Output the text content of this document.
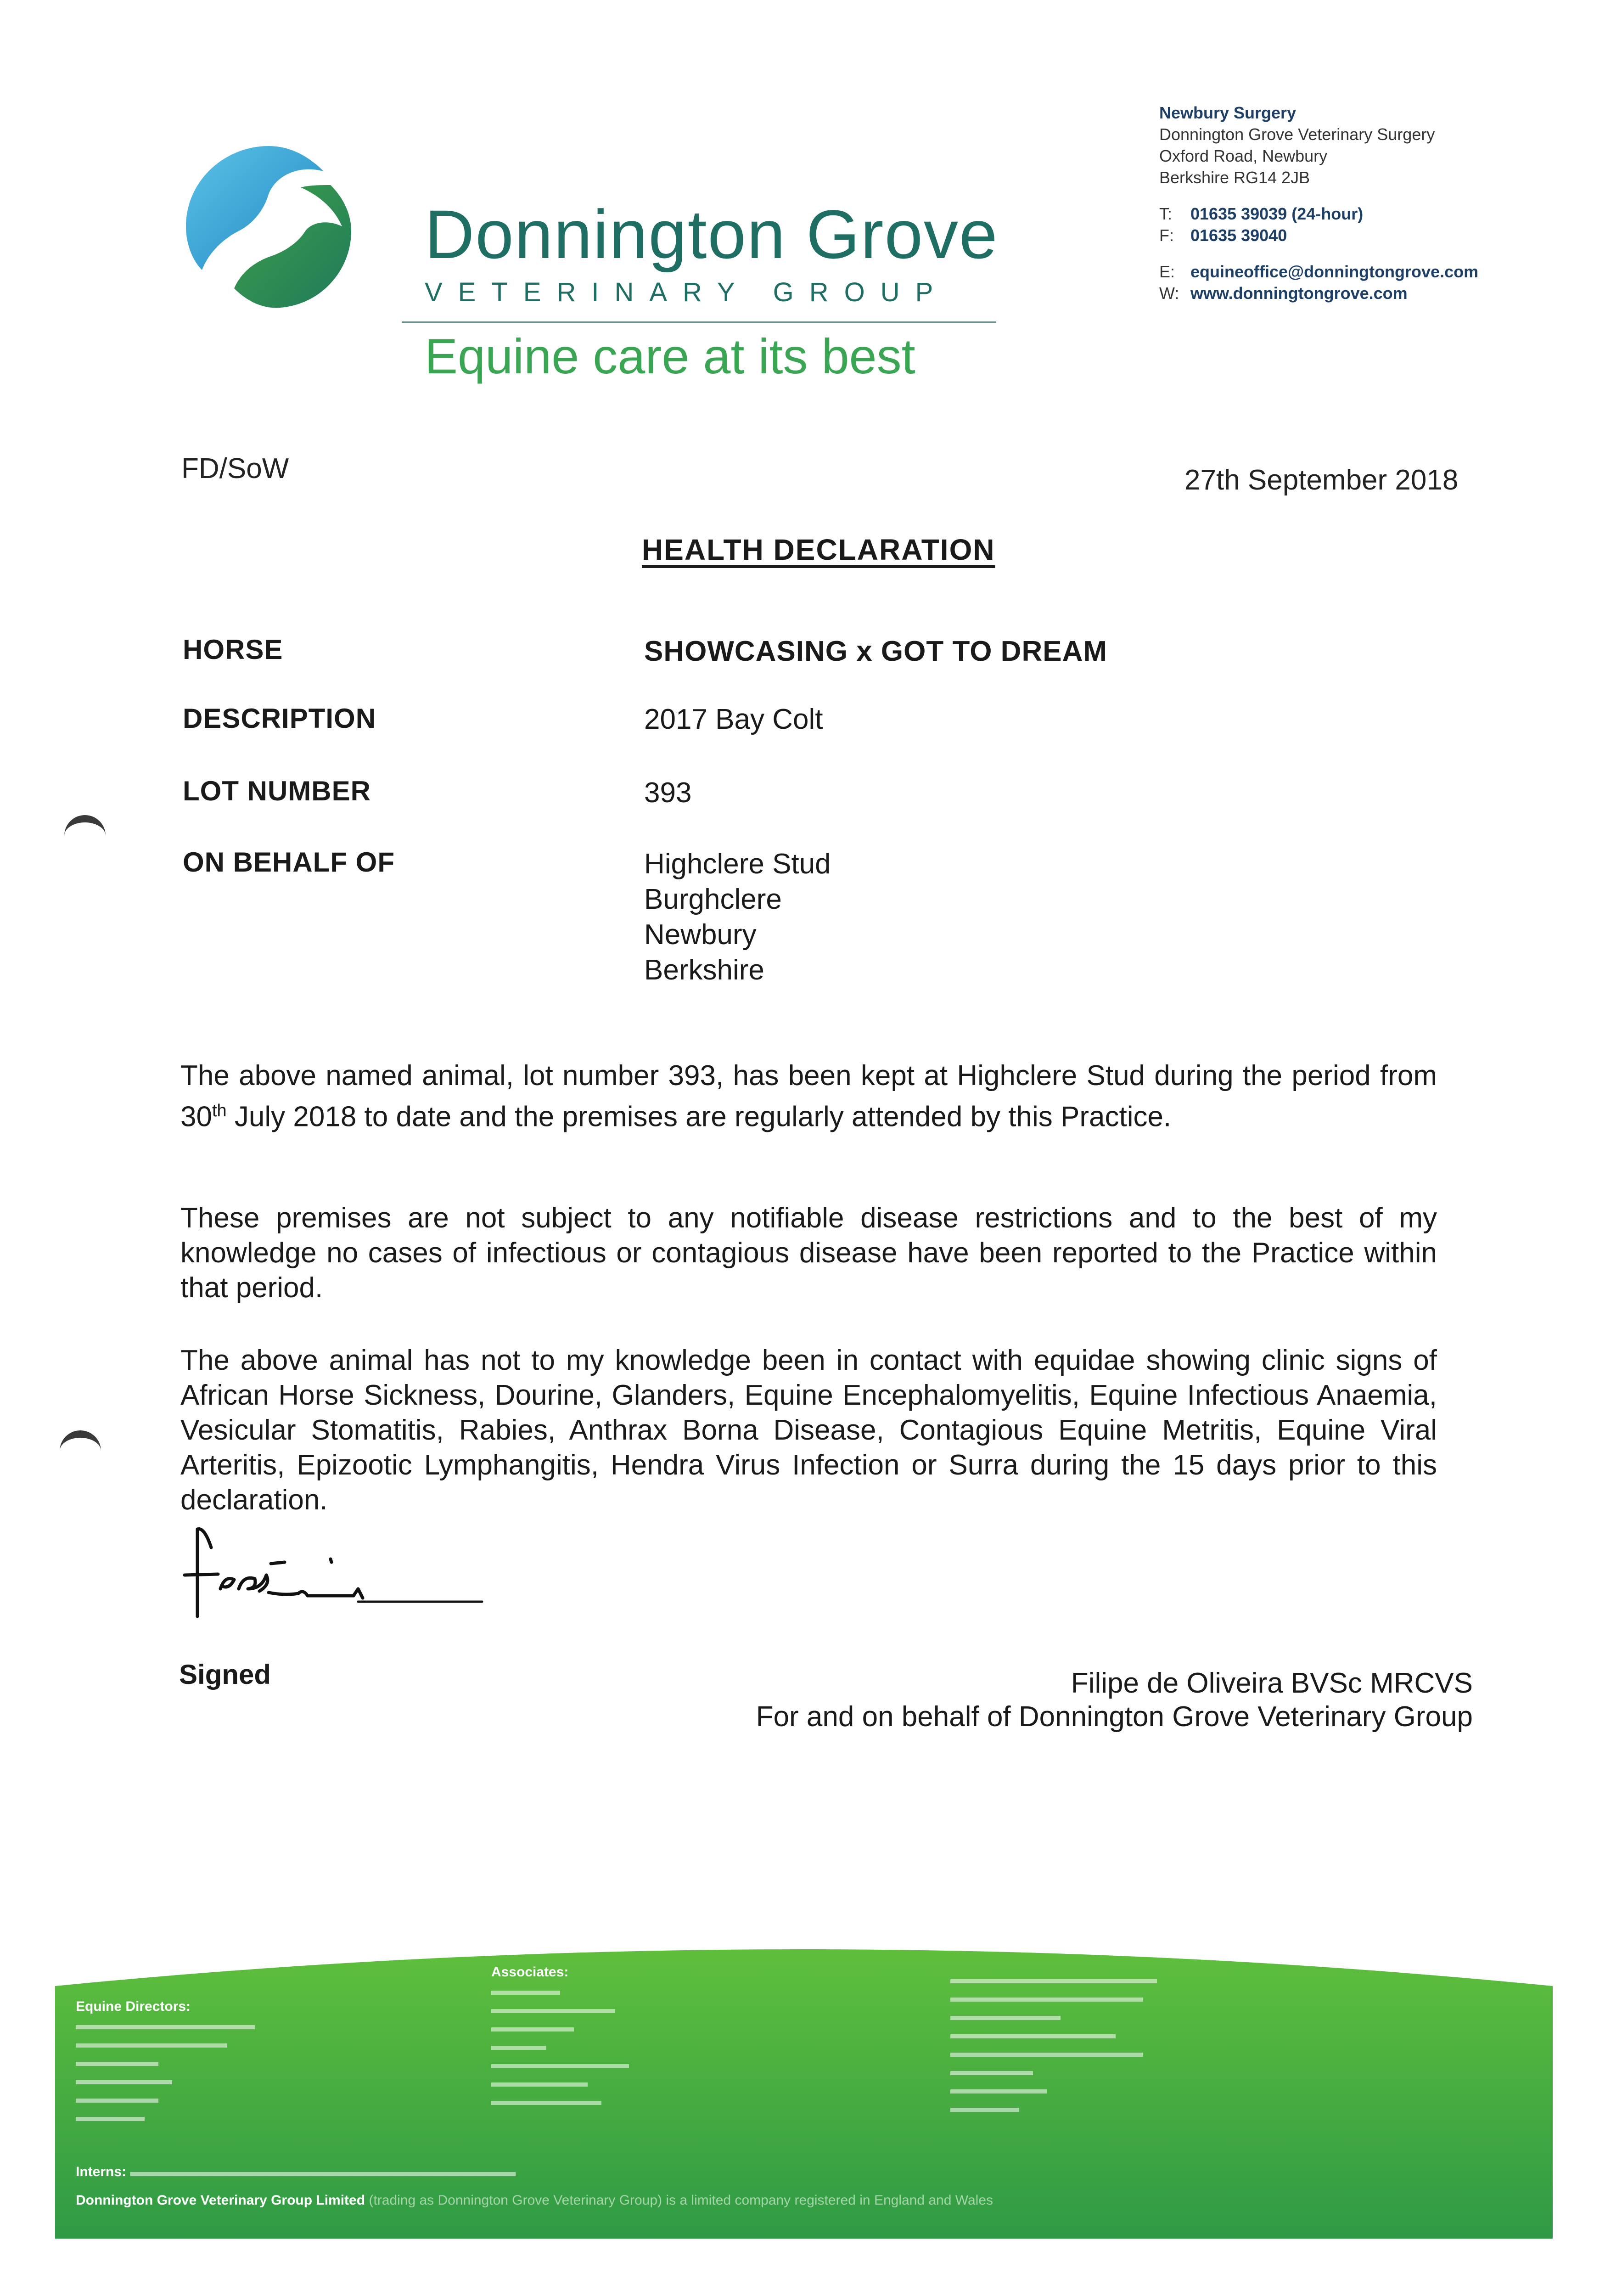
Donnington Grove
VETERINARY GROUP
Equine care at its best
Newbury Surgery
Donnington Grove Veterinary Surgery
Oxford Road, Newbury
Berkshire RG14 2JB
T: 01635 39039 (24-hour)
F: 01635 39040
E: equineoffice@donningtongrove.com
W: www.donningtongrove.com
FD/SoW	27th September 2018
HEALTH DECLARATION
HORSE	SHOWCASING x GOT TO DREAM
DESCRIPTION	2017 Bay Colt
LOT NUMBER	393
ON BEHALF OF	Highclere Stud
Burghclere
Newbury
Berkshire
The above named animal, lot number 393, has been kept at Highclere Stud during the period from 30th July 2018 to date and the premises are regularly attended by this Practice.
These premises are not subject to any notifiable disease restrictions and to the best of my knowledge no cases of infectious or contagious disease have been reported to the Practice within that period.
The above animal has not to my knowledge been in contact with equidae showing clinic signs of African Horse Sickness, Dourine, Glanders, Equine Encephalomyelitis, Equine Infectious Anaemia, Vesicular Stomatitis, Rabies, Anthrax Borna Disease, Contagious Equine Metritis, Equine Viral Arteritis, Epizootic Lymphangitis, Hendra Virus Infection or Surra during the 15 days prior to this declaration.
Signed	Filipe de Oliveira BVSc MRCVS
For and on behalf of Donnington Grove Veterinary Group
Equine Directors:
▬▬▬▬▬▬▬▬▬▬▬▬▬
▬▬▬▬▬▬▬▬▬▬▬
▬▬▬▬▬▬
▬▬▬▬▬▬▬
▬▬▬▬▬▬
▬▬▬▬▬
Associates:
▬▬▬▬▬
▬▬▬▬▬▬▬▬▬
▬▬▬▬▬▬
▬▬▬▬
▬▬▬▬▬▬▬▬▬▬
▬▬▬▬▬▬▬
▬▬▬▬▬▬▬▬
▬▬▬▬▬▬▬▬▬▬▬▬▬▬▬
▬▬▬▬▬▬▬▬▬▬▬▬▬▬
▬▬▬▬▬▬▬▬
▬▬▬▬▬▬▬▬▬▬▬▬
▬▬▬▬▬▬▬▬▬▬▬▬▬▬
▬▬▬▬▬▬
▬▬▬▬▬▬▬
▬▬▬▬▬
Interns: ▬▬▬▬▬▬▬▬▬▬▬▬▬▬▬▬▬▬▬▬▬▬▬▬▬▬▬▬
Donnington Grove Veterinary Group Limited (trading as Donnington Grove Veterinary Group) is a limited company registered in England and Wales
